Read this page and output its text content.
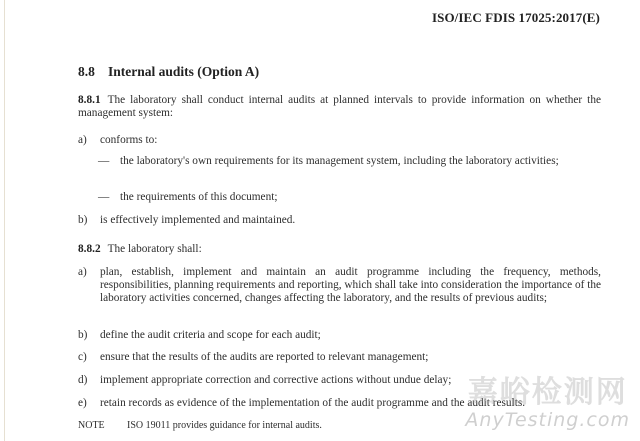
ISO/IEC FDIS 17025:2017(E)
8.8 Internal audits (Option A)
8.8.1 The laboratory shall conduct internal audits at planned intervals to provide information on whether the management system:
a) conforms to:
— the laboratory's own requirements for its management system, including the laboratory activities;
— the requirements of this document;
b) is effectively implemented and maintained.
8.8.2 The laboratory shall:
a) plan, establish, implement and maintain an audit programme including the frequency, methods, responsibilities, planning requirements and reporting, which shall take into consideration the importance of the laboratory activities concerned, changes affecting the laboratory, and the results of previous audits;
b) define the audit criteria and scope for each audit;
c) ensure that the results of the audits are reported to relevant management;
d) implement appropriate correction and corrective actions without undue delay;
e) retain records as evidence of the implementation of the audit programme and the audit results.
NOTE ISO 19011 provides guidance for internal audits.
嘉峪检测网
AnyTesting.com
